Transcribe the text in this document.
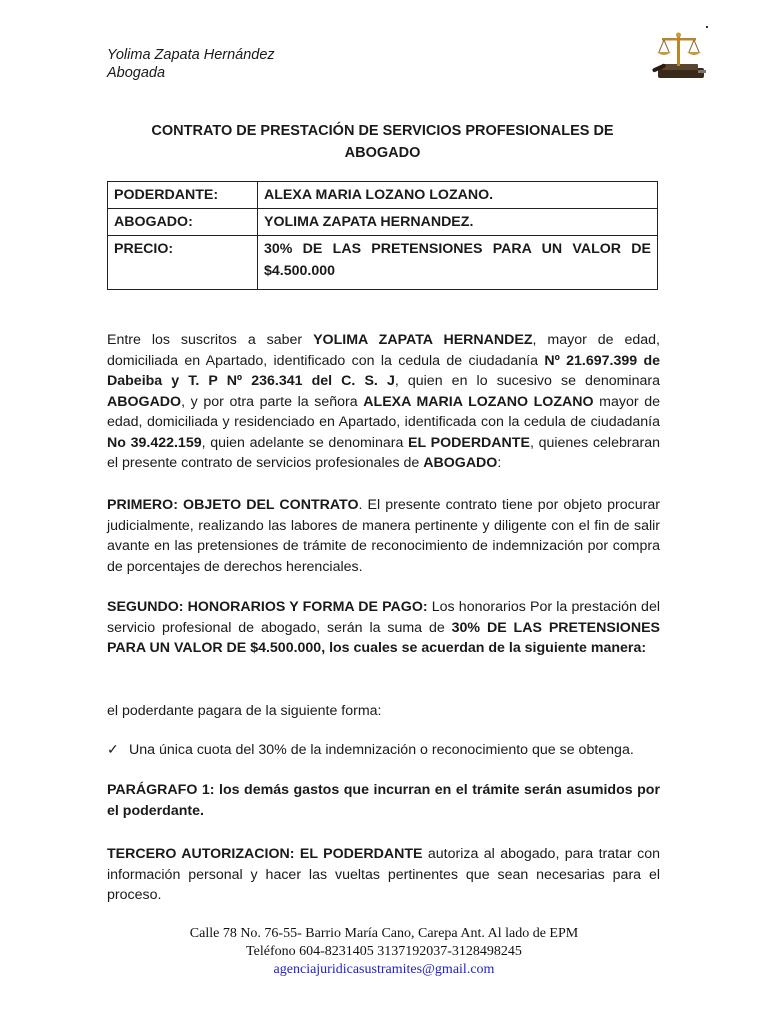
Yolima Zapata Hernández
Abogada
CONTRATO DE PRESTACIÓN DE SERVICIOS PROFESIONALES DE
ABOGADO
PODERDANTE:	ALEXA MARIA LOZANO LOZANO.
ABOGADO:	YOLIMA ZAPATA HERNANDEZ.
PRECIO:	30% DE LAS PRETENSIONES PARA UN VALOR DE
$4.500.000
Entre los suscritos a saber YOLIMA ZAPATA HERNANDEZ, mayor de edad, domiciliada en Apartado, identificado con la cedula de ciudadanía Nº 21.697.399 de Dabeiba y T. P Nº 236.341 del C. S. J, quien en lo sucesivo se denominara ABOGADO, y por otra parte la señora ALEXA MARIA LOZANO LOZANO mayor de edad, domiciliada y residenciado en Apartado, identificada con la cedula de ciudadanía No 39.422.159, quien adelante se denominara EL PODERDANTE, quienes celebraran el presente contrato de servicios profesionales de ABOGADO:
PRIMERO: OBJETO DEL CONTRATO. El presente contrato tiene por objeto procurar judicialmente, realizando las labores de manera pertinente y diligente con el fin de salir avante en las pretensiones de trámite de reconocimiento de indemnización por compra de porcentajes de derechos herenciales.
SEGUNDO: HONORARIOS Y FORMA DE PAGO: Los honorarios Por la prestación del servicio profesional de abogado, serán la suma de 30% DE LAS PRETENSIONES PARA UN VALOR DE $4.500.000, los cuales se acuerdan de la siguiente manera:
el poderdante pagara de la siguiente forma:
✓ Una única cuota del 30% de la indemnización o reconocimiento que se obtenga.
PARÁGRAFO 1: los demás gastos que incurran en el trámite serán asumidos por el poderdante.
TERCERO AUTORIZACION: EL PODERDANTE autoriza al abogado, para tratar con información personal y hacer las vueltas pertinentes que sean necesarias para el proceso.
Calle 78 No. 76-55- Barrio María Cano, Carepa Ant. Al lado de EPM
Teléfono 604-8231405 3137192037-3128498245
agenciajuridicasustramites@gmail.com
